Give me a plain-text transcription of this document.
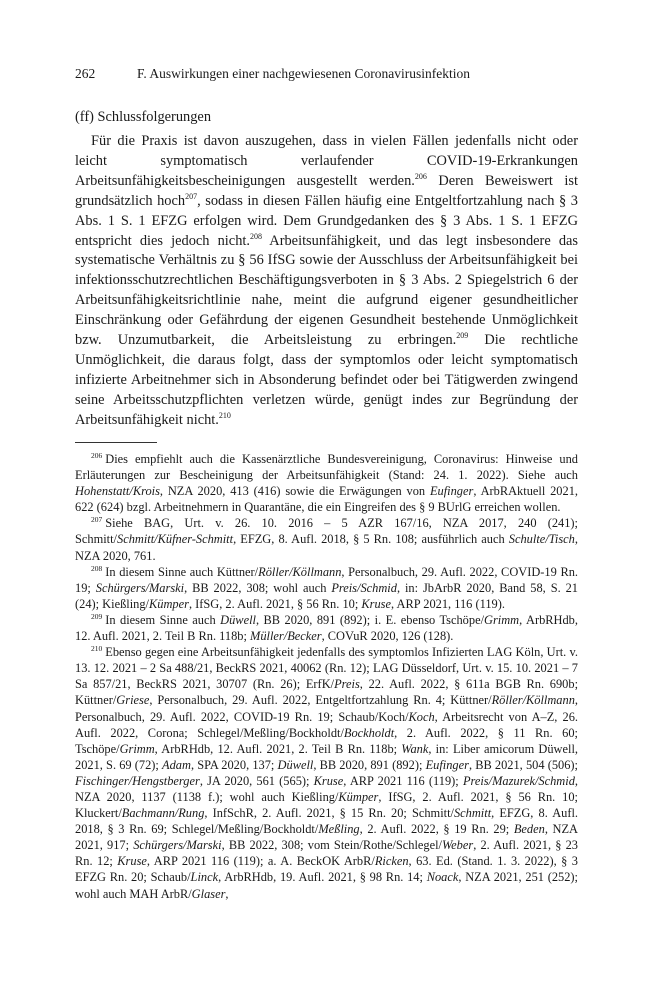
262	F. Auswirkungen einer nachgewiesenen Coronavirusinfektion
(ff) Schlussfolgerungen

Für die Praxis ist davon auszugehen, dass in vielen Fällen jedenfalls nicht oder leicht symptomatisch verlaufender COVID-19-Erkrankungen Arbeitsunfähigkeitsbescheinigungen ausgestellt werden.$^{206}$ Deren Beweiswert ist grundsätzlich hoch$^{207}$, sodass in diesen Fällen häufig eine Entgeltfortzahlung nach § 3 Abs. 1 S. 1 EFZG erfolgen wird. Dem Grundgedanken des § 3 Abs. 1 S. 1 EFZG entspricht dies jedoch nicht.$^{208}$ Arbeitsunfähigkeit, und das legt insbesondere das systematische Verhältnis zu § 56 IfSG sowie der Ausschluss der Arbeitsunfähigkeit bei infektionsschutzrechtlichen Beschäftigungsverboten in § 3 Abs. 2 Spiegelstrich 6 der Arbeitsunfähigkeitsrichtlinie nahe, meint die aufgrund eigener gesundheitlicher Einschränkung oder Gefährdung der eigenen Gesundheit bestehende Unmöglichkeit bzw. Unzumutbarkeit, die Arbeitsleistung zu erbringen.$^{209}$ Die rechtliche Unmöglichkeit, die daraus folgt, dass der symptomlos oder leicht symptomatisch infizierte Arbeitnehmer sich in Absonderung befindet oder bei Tätigwerden zwingend seine Arbeitsschutzpflichten verletzen würde, genügt indes zur Begründung der Arbeitsunfähigkeit nicht.$^{210}$

$^{206}$ Dies empfiehlt auch die Kassenärztliche Bundesvereinigung, Coronavirus: Hinweise und Erläuterungen zur Bescheinigung der Arbeitsunfähigkeit (Stand: 24. 1. 2022). Siehe auch Hohenstatt/Krois, NZA 2020, 413 (416) sowie die Erwägungen von Eufinger, ArbRAktuell 2021, 622 (624) bzgl. Arbeitnehmern in Quarantäne, die ein Eingreifen des § 9 BUrlG erreichen wollen.

$^{207}$ Siehe BAG, Urt. v. 26. 10. 2016 – 5 AZR 167/16, NZA 2017, 240 (241); Schmitt/Schmitt/Küfner-Schmitt, EFZG, 8. Aufl. 2018, § 5 Rn. 108; ausführlich auch Schulte/Tisch, NZA 2020, 761.

$^{208}$ In diesem Sinne auch Küttner/Röller/Köllmann, Personalbuch, 29. Aufl. 2022, COVID-19 Rn. 19; Schürgers/Marski, BB 2022, 308; wohl auch Preis/Schmid, in: JbArbR 2020, Band 58, S. 21 (24); Kießling/Kümper, IfSG, 2. Aufl. 2021, § 56 Rn. 10; Kruse, ARP 2021, 116 (119).

$^{209}$ In diesem Sinne auch Düwell, BB 2020, 891 (892); i. E. ebenso Tschöpe/Grimm, ArbRHdb, 12. Aufl. 2021, 2. Teil B Rn. 118b; Müller/Becker, COVuR 2020, 126 (128).

$^{210}$ Ebenso gegen eine Arbeitsunfähigkeit jedenfalls des symptomlos Infizierten LAG Köln, Urt. v. 13. 12. 2021 – 2 Sa 488/21, BeckRS 2021, 40062 (Rn. 12); LAG Düsseldorf, Urt. v. 15. 10. 2021 – 7 Sa 857/21, BeckRS 2021, 30707 (Rn. 26); ErfK/Preis, 22. Aufl. 2022, § 611a BGB Rn. 690b; Küttner/Griese, Personalbuch, 29. Aufl. 2022, Entgeltfortzahlung Rn. 4; Küttner/Röller/Köllmann, Personalbuch, 29. Aufl. 2022, COVID-19 Rn. 19; Schaub/Koch/Koch, Arbeitsrecht von A–Z, 26. Aufl. 2022, Corona; Schlegel/Meßling/Bockholdt/Bockholdt, 2. Aufl. 2022, § 11 Rn. 60; Tschöpe/Grimm, ArbRHdb, 12. Aufl. 2021, 2. Teil B Rn. 118b; Wank, in: Liber amicorum Düwell, 2021, S. 69 (72); Adam, SPA 2020, 137; Düwell, BB 2020, 891 (892); Eufinger, BB 2021, 504 (506); Fischinger/Hengstberger, JA 2020, 561 (565); Kruse, ARP 2021 116 (119); Preis/Mazurek/Schmid, NZA 2020, 1137 (1138 f.); wohl auch Kießling/Kümper, IfSG, 2. Aufl. 2021, § 56 Rn. 10; Kluckert/Bachmann/Rung, InfSchR, 2. Aufl. 2021, § 15 Rn. 20; Schmitt/Schmitt, EFZG, 8. Aufl. 2018, § 3 Rn. 69; Schlegel/Meßling/Bockholdt/Meßling, 2. Aufl. 2022, § 19 Rn. 29; Beden, NZA 2021, 917; Schürgers/Marski, BB 2022, 308; vom Stein/Rothe/Schlegel/Weber, 2. Aufl. 2021, § 23 Rn. 12; Kruse, ARP 2021 116 (119); a. A. BeckOK ArbR/Ricken, 63. Ed. (Stand. 1. 3. 2022), § 3 EFZG Rn. 20; Schaub/Linck, ArbRHdb, 19. Aufl. 2021, § 98 Rn. 14; Noack, NZA 2021, 251 (252); wohl auch MAH ArbR/Glaser,
